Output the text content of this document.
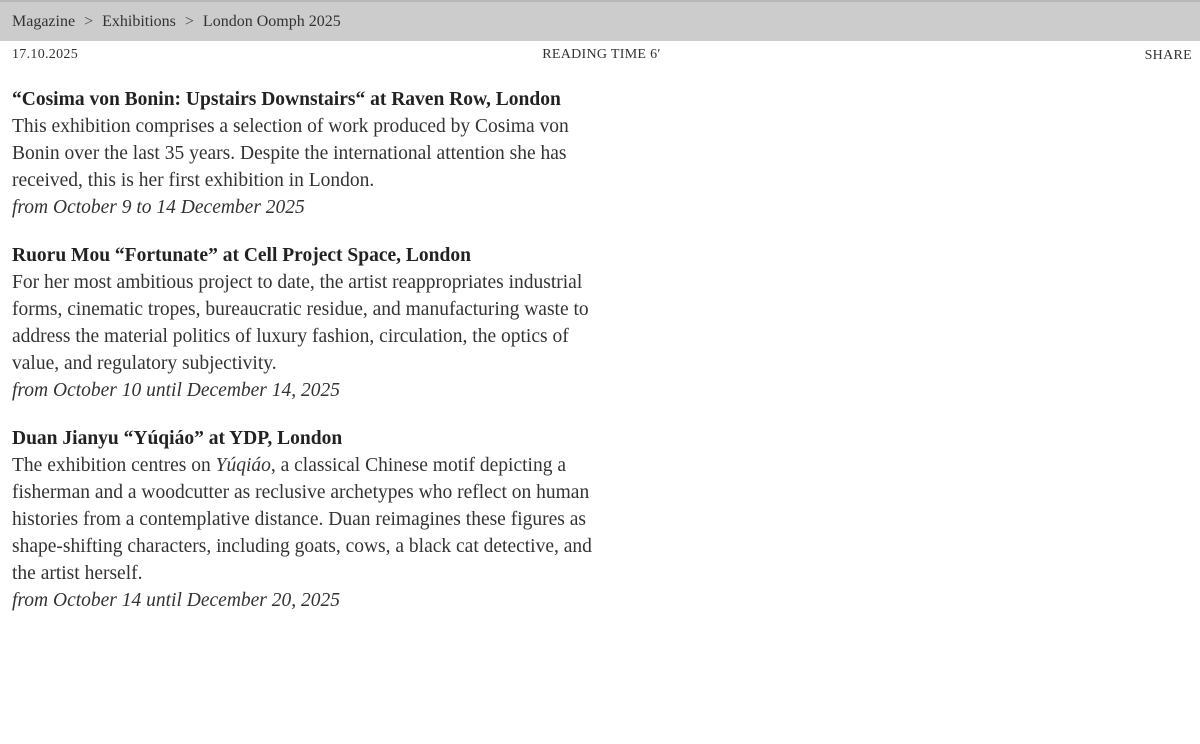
Magazine > Exhibitions > London Oomph 2025
17.10.2025	READING TIME 6′	SHARE

“Cosima von Bonin: Upstairs Downstairs“ at Raven Row, London

This exhibition comprises a selection of work produced by Cosima von Bonin over the last 35 years. Despite the international attention she has received, this is her first exhibition in London.

from October 9 to 14 December 2025

Ruoru Mou “Fortunate” at Cell Project Space, London

For her most ambitious project to date, the artist reappropriates industrial forms, cinematic tropes, bureaucratic residue, and manufacturing waste to address the material politics of luxury fashion, circulation, the optics of value, and regulatory subjectivity.

from October 10 until December 14, 2025

Duan Jianyu “Yúqiáo” at YDP, London

The exhibition centres on Yúqiáo, a classical Chinese motif depicting a fisherman and a woodcutter as reclusive archetypes who reflect on human histories from a contemplative distance. Duan reimagines these figures as shape-shifting characters, including goats, cows, a black cat detective, and the artist herself.

from October 14 until December 20, 2025
